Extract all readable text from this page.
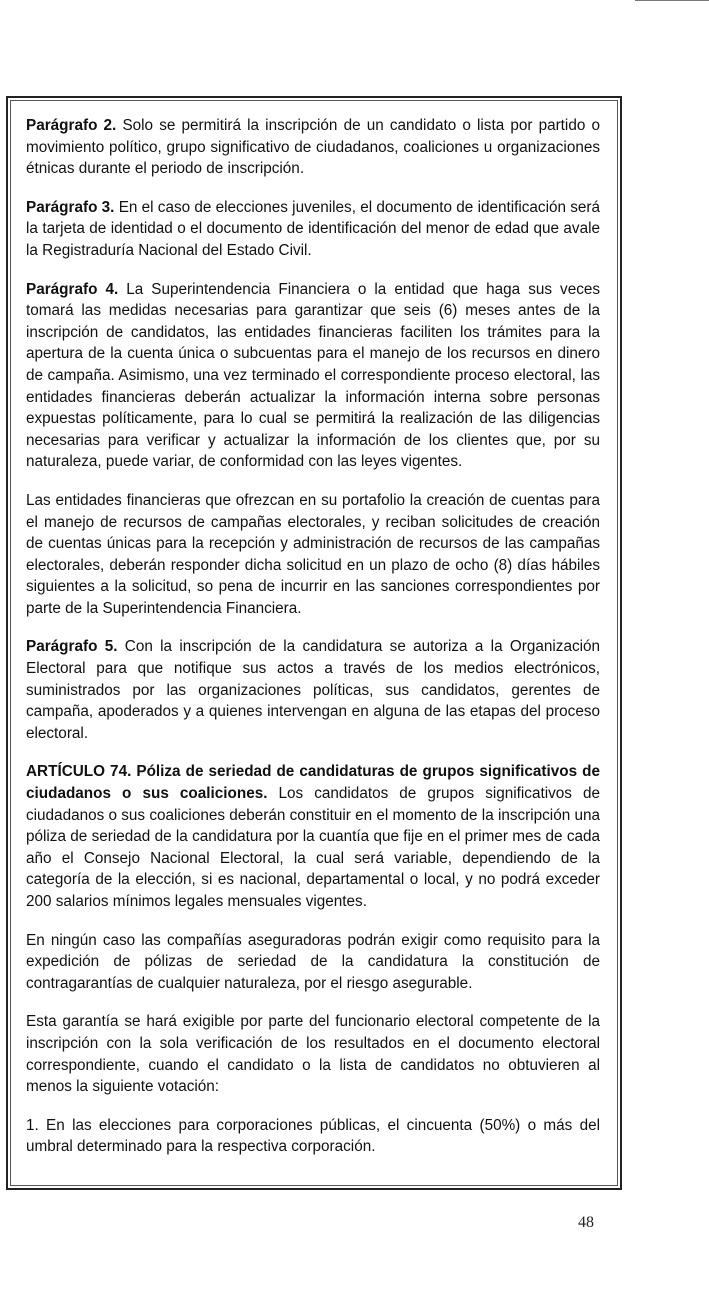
Parágrafo 2. Solo se permitirá la inscripción de un candidato o lista por partido o movimiento político, grupo significativo de ciudadanos, coaliciones u organizaciones étnicas durante el periodo de inscripción.

Parágrafo 3. En el caso de elecciones juveniles, el documento de identificación será la tarjeta de identidad o el documento de identificación del menor de edad que avale la Registraduría Nacional del Estado Civil.

Parágrafo 4. La Superintendencia Financiera o la entidad que haga sus veces tomará las medidas necesarias para garantizar que seis (6) meses antes de la inscripción de candidatos, las entidades financieras faciliten los trámites para la apertura de la cuenta única o subcuentas para el manejo de los recursos en dinero de campaña. Asimismo, una vez terminado el correspondiente proceso electoral, las entidades financieras deberán actualizar la información interna sobre personas expuestas políticamente, para lo cual se permitirá la realización de las diligencias necesarias para verificar y actualizar la información de los clientes que, por su naturaleza, puede variar, de conformidad con las leyes vigentes.

Las entidades financieras que ofrezcan en su portafolio la creación de cuentas para el manejo de recursos de campañas electorales, y reciban solicitudes de creación de cuentas únicas para la recepción y administración de recursos de las campañas electorales, deberán responder dicha solicitud en un plazo de ocho (8) días hábiles siguientes a la solicitud, so pena de incurrir en las sanciones correspondientes por parte de la Superintendencia Financiera.

Parágrafo 5. Con la inscripción de la candidatura se autoriza a la Organización Electoral para que notifique sus actos a través de los medios electrónicos, suministrados por las organizaciones políticas, sus candidatos, gerentes de campaña, apoderados y a quienes intervengan en alguna de las etapas del proceso electoral.

ARTÍCULO 74. Póliza de seriedad de candidaturas de grupos significativos de ciudadanos o sus coaliciones. Los candidatos de grupos significativos de ciudadanos o sus coaliciones deberán constituir en el momento de la inscripción una póliza de seriedad de la candidatura por la cuantía que fije en el primer mes de cada año el Consejo Nacional Electoral, la cual será variable, dependiendo de la categoría de la elección, si es nacional, departamental o local, y no podrá exceder 200 salarios mínimos legales mensuales vigentes.

En ningún caso las compañías aseguradoras podrán exigir como requisito para la expedición de pólizas de seriedad de la candidatura la constitución de contragarantías de cualquier naturaleza, por el riesgo asegurable.

Esta garantía se hará exigible por parte del funcionario electoral competente de la inscripción con la sola verificación de los resultados en el documento electoral correspondiente, cuando el candidato o la lista de candidatos no obtuvieren al menos la siguiente votación:

1. En las elecciones para corporaciones públicas, el cincuenta (50%) o más del umbral determinado para la respectiva corporación.

48
